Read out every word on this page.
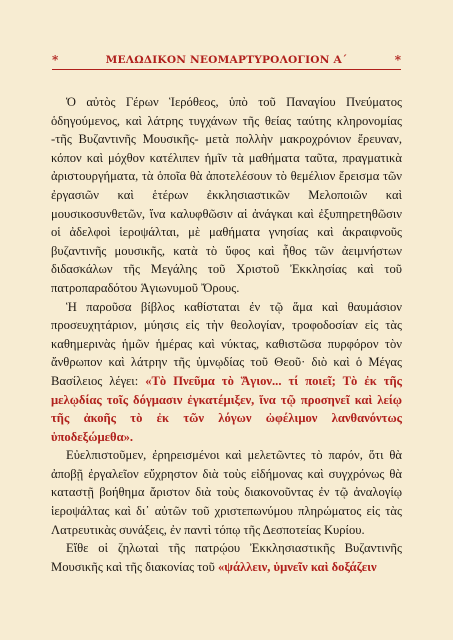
*	ΜΕΛΩΔΙΚΟΝ ΝΕΟΜΑΡΤΥΡΟΛΟΓΙΟΝ Α΄	*

Ὁ αὐτὸς Γέρων Ἱερόθεος, ὑπὸ τοῦ Παναγίου Πνεύματος ὁδηγούμενος, καὶ λάτρης τυγχάνων τῆς θείας ταύτης κληρονομίας -τῆς Βυζαντινῆς Μουσικῆς- μετὰ πολλὴν μακροχρόνιον ἔρευναν, κόπον καὶ μόχθον κατέλιπεν ἡμῖν τὰ μαθήματα ταῦτα, πραγματικὰ ἀριστουργήματα, τὰ ὁποῖα θὰ ἀποτελέσουν τὸ θεμέλιον ἔρεισμα τῶν ἐργασιῶν καὶ ἑτέρων ἐκκλησιαστικῶν Μελοποιῶν καὶ μουσικοσυνθετῶν, ἵνα καλυφθῶσιν αἱ ἀνάγκαι καὶ ἐξυπηρετηθῶσιν οἱ ἀδελφοὶ ἱεροψάλται, μὲ μαθήματα γνησίας καὶ ἀκραιφνοῦς βυζαντινῆς μουσικῆς, κατὰ τὸ ὕφος καὶ ἦθος τῶν ἀειμνήστων διδασκάλων τῆς Μεγάλης τοῦ Χριστοῦ Ἐκκλησίας καὶ τοῦ πατροπαραδότου Ἁγιωνυμοῦ Ὄρους.

Ἡ παροῦσα βίβλος καθίσταται ἐν τῷ ἅμα καὶ θαυμάσιον προσευχητάριον, μύησις εἰς τὴν θεολογίαν, τροφοδοσίαν εἰς τὰς καθημερινὰς ἡμῶν ἡμέρας καὶ νύκτας, καθιστῶσα πυρφόρον τὸν ἄνθρωπον καὶ λάτρην τῆς ὑμνῳδίας τοῦ Θεοῦ· διὸ καὶ ὁ Μέγας Βασίλειος λέγει: «Τὸ Πνεῦμα τὸ Ἅγιον... τί ποιεῖ; Τὸ ἐκ τῆς μελῳδίας τοῖς δόγμασιν ἐγκατέμιξεν, ἵνα τῷ προσηνεῖ καὶ λείῳ τῆς ἀκοῆς τὸ ἐκ τῶν λόγων ὠφέλιμον λανθανόντως ὑποδεξώμεθα».

Εὐελπιστοῦμεν, ἐρηρεισμένοι καὶ μελετῶντες τὸ παρόν, ὅτι θὰ ἀποβῇ ἐργαλεῖον εὔχρηστον διὰ τοὺς εἰδήμονας καὶ συγχρόνως θὰ καταστῇ βοήθημα ἄριστον διὰ τοὺς διακονοῦντας ἐν τῷ ἀναλογίῳ ἱεροψάλτας καὶ δι᾽ αὐτῶν τοῦ χριστεπωνύμου πληρώματος εἰς τὰς Λατρευτικὰς συνάξεις, ἐν παντὶ τόπῳ τῆς Δεσποτείας Κυρίου.

Εἴθε οἱ ζηλωταὶ τῆς πατρῴου Ἐκκλησιαστικῆς Βυζαντινῆς Μουσικῆς καὶ τῆς διακονίας τοῦ «ψάλλειν, ὑμνεῖν καὶ δοξάζειν
